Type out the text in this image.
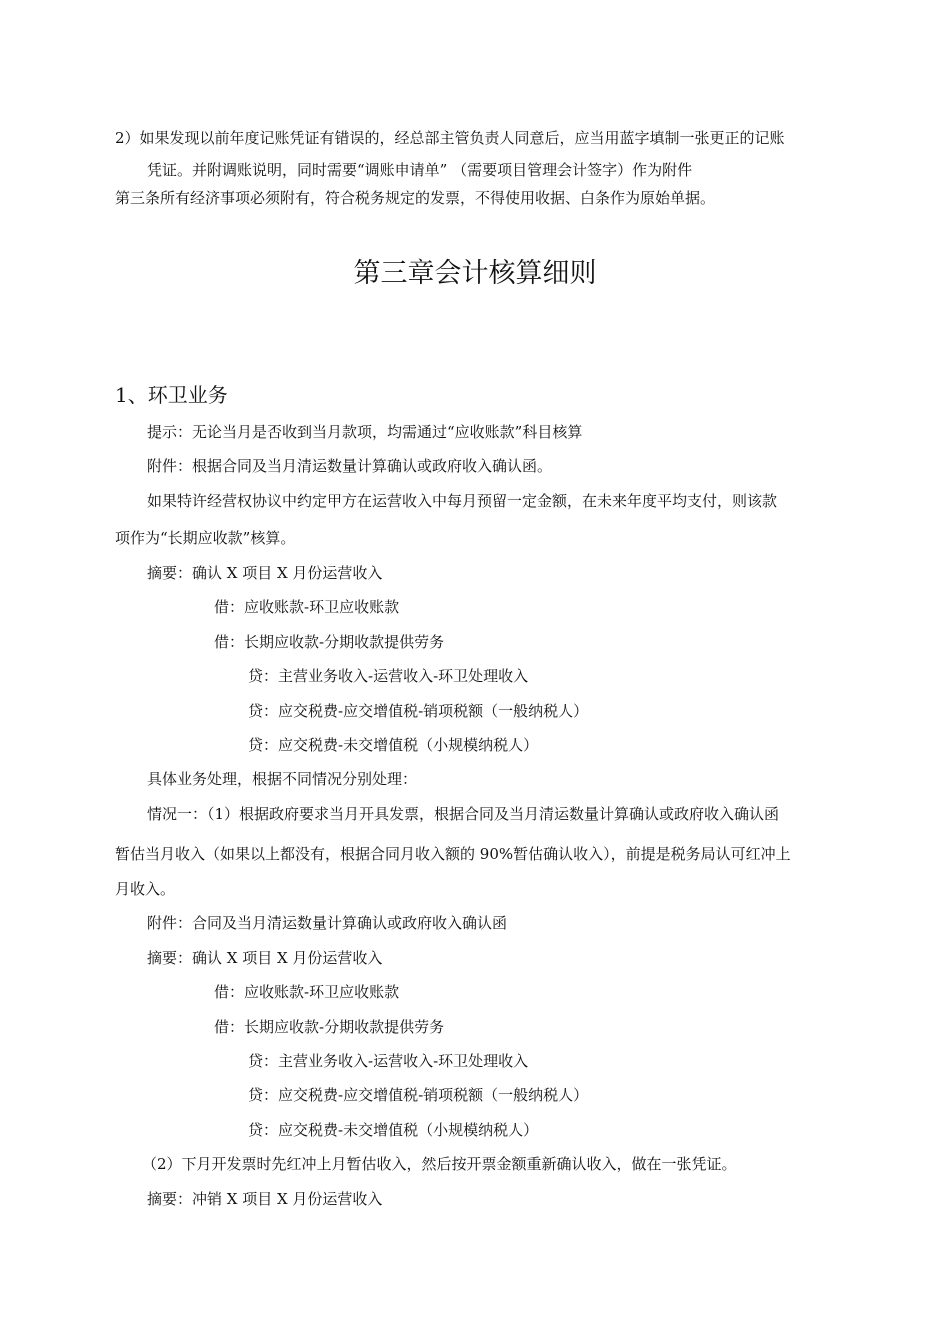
2）如果发现以前年度记账凭证有错误的，经总部主管负责人同意后，应当用蓝字填制一张更正的记账
凭证。并附调账说明，同时需要“调账申请单” （需要项目管理会计签字）作为附件
第三条所有经济事项必须附有，符合税务规定的发票，不得使用收据、白条作为原始单据。
第三章会计核算细则
1、环卫业务
提示：无论当月是否收到当月款项，均需通过“应收账款”科目核算
附件：根据合同及当月清运数量计算确认或政府收入确认函。
如果特许经营权协议中约定甲方在运营收入中每月预留一定金额，在未来年度平均支付，则该款
项作为“长期应收款”核算。
摘要：确认 X 项目 X 月份运营收入
借：应收账款-环卫应收账款
借：长期应收款-分期收款提供劳务
贷：主营业务收入-运营收入-环卫处理收入
贷：应交税费-应交增值税-销项税额（一般纳税人）
贷：应交税费-未交增值税（小规模纳税人）
具体业务处理，根据不同情况分别处理：
情况一：（1）根据政府要求当月开具发票，根据合同及当月清运数量计算确认或政府收入确认函
暂估当月收入（如果以上都没有，根据合同月收入额的 90%暂估确认收入），前提是税务局认可红冲上
月收入。
附件：合同及当月清运数量计算确认或政府收入确认函
摘要：确认 X 项目 X 月份运营收入
借：应收账款-环卫应收账款
借：长期应收款-分期收款提供劳务
贷：主营业务收入-运营收入-环卫处理收入
贷：应交税费-应交增值税-销项税额（一般纳税人）
贷：应交税费-未交增值税（小规模纳税人）
（2）下月开发票时先红冲上月暂估收入，然后按开票金额重新确认收入，做在一张凭证。
摘要：冲销 X 项目 X 月份运营收入
